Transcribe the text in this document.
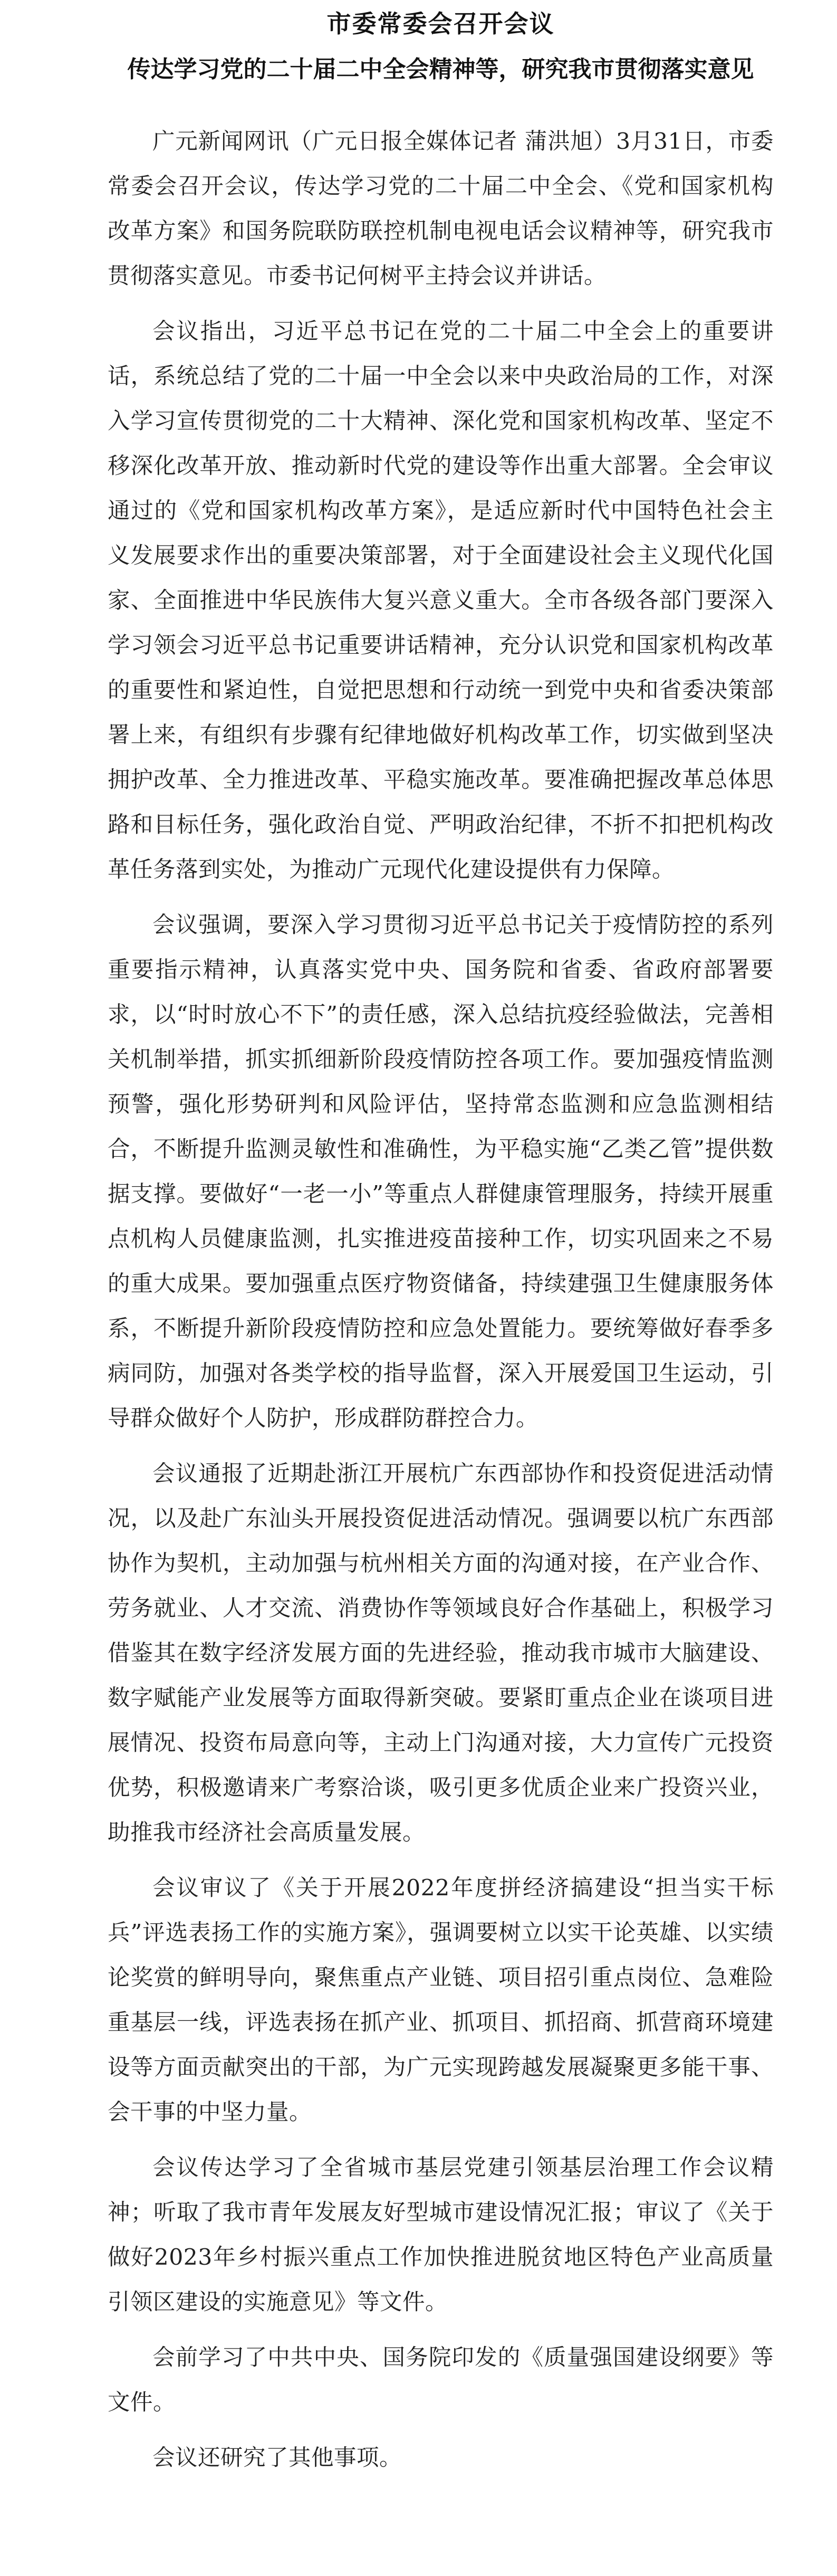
市委常委会召开会议
传达学习党的二十届二中全会精神等，研究我市贯彻落实意见

广元新闻网讯（广元日报全媒体记者 蒲洪旭）3月31日，市委常委会召开会议，传达学习党的二十届二中全会、《党和国家机构改革方案》和国务院联防联控机制电视电话会议精神等，研究我市贯彻落实意见。市委书记何树平主持会议并讲话。

会议指出，习近平总书记在党的二十届二中全会上的重要讲话，系统总结了党的二十届一中全会以来中央政治局的工作，对深入学习宣传贯彻党的二十大精神、深化党和国家机构改革、坚定不移深化改革开放、推动新时代党的建设等作出重大部署。全会审议通过的《党和国家机构改革方案》，是适应新时代中国特色社会主义发展要求作出的重要决策部署，对于全面建设社会主义现代化国家、全面推进中华民族伟大复兴意义重大。全市各级各部门要深入学习领会习近平总书记重要讲话精神，充分认识党和国家机构改革的重要性和紧迫性，自觉把思想和行动统一到党中央和省委决策部署上来，有组织有步骤有纪律地做好机构改革工作，切实做到坚决拥护改革、全力推进改革、平稳实施改革。要准确把握改革总体思路和目标任务，强化政治自觉、严明政治纪律，不折不扣把机构改革任务落到实处，为推动广元现代化建设提供有力保障。

会议强调，要深入学习贯彻习近平总书记关于疫情防控的系列重要指示精神，认真落实党中央、国务院和省委、省政府部署要求，以“时时放心不下”的责任感，深入总结抗疫经验做法，完善相关机制举措，抓实抓细新阶段疫情防控各项工作。要加强疫情监测预警，强化形势研判和风险评估，坚持常态监测和应急监测相结合，不断提升监测灵敏性和准确性，为平稳实施“乙类乙管”提供数据支撑。要做好“一老一小”等重点人群健康管理服务，持续开展重点机构人员健康监测，扎实推进疫苗接种工作，切实巩固来之不易的重大成果。要加强重点医疗物资储备，持续建强卫生健康服务体系，不断提升新阶段疫情防控和应急处置能力。要统筹做好春季多病同防，加强对各类学校的指导监督，深入开展爱国卫生运动，引导群众做好个人防护，形成群防群控合力。

会议通报了近期赴浙江开展杭广东西部协作和投资促进活动情况，以及赴广东汕头开展投资促进活动情况。强调要以杭广东西部协作为契机，主动加强与杭州相关方面的沟通对接，在产业合作、劳务就业、人才交流、消费协作等领域良好合作基础上，积极学习借鉴其在数字经济发展方面的先进经验，推动我市城市大脑建设、数字赋能产业发展等方面取得新突破。要紧盯重点企业在谈项目进展情况、投资布局意向等，主动上门沟通对接，大力宣传广元投资优势，积极邀请来广考察洽谈，吸引更多优质企业来广投资兴业，助推我市经济社会高质量发展。

会议审议了《关于开展2022年度拼经济搞建设“担当实干标兵”评选表扬工作的实施方案》，强调要树立以实干论英雄、以实绩论奖赏的鲜明导向，聚焦重点产业链、项目招引重点岗位、急难险重基层一线，评选表扬在抓产业、抓项目、抓招商、抓营商环境建设等方面贡献突出的干部，为广元实现跨越发展凝聚更多能干事、会干事的中坚力量。

会议传达学习了全省城市基层党建引领基层治理工作会议精神；听取了我市青年发展友好型城市建设情况汇报；审议了《关于做好2023年乡村振兴重点工作加快推进脱贫地区特色产业高质量引领区建设的实施意见》等文件。

会前学习了中共中央、国务院印发的《质量强国建设纲要》等文件。

会议还研究了其他事项。
